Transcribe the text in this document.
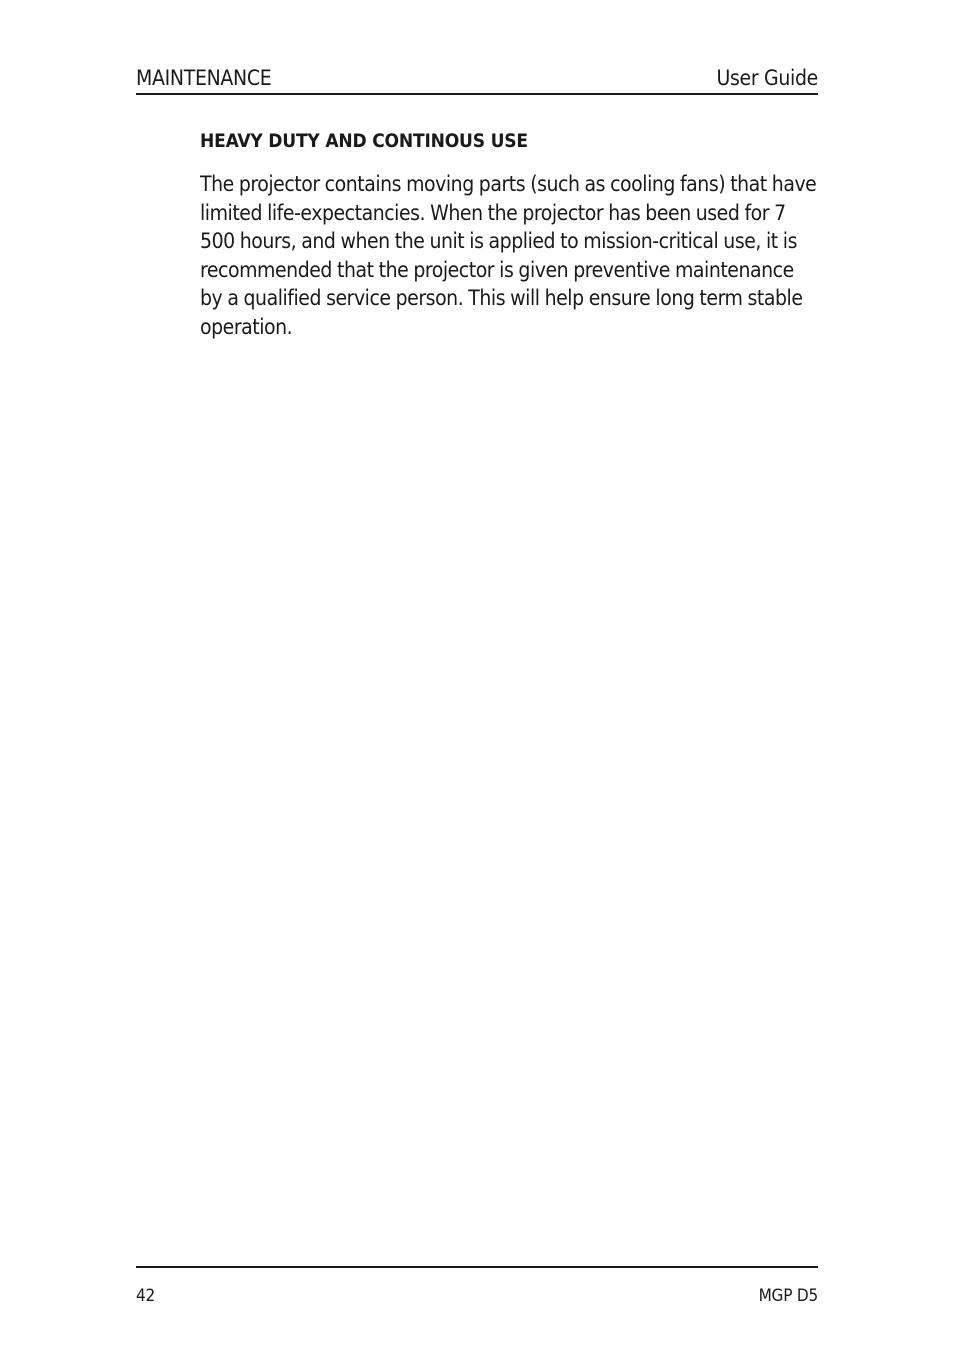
MAINTENANCE	User Guide
HEAVY DUTY AND CONTINOUS USE

The projector contains moving parts (such as cooling fans) that have limited life-expectancies. When the projector has been used for 7 500 hours, and when the unit is applied to mission-critical use, it is recommended that the projector is given preventive maintenance by a qualified service person. This will help ensure long term stable operation.

42	MGP D5
